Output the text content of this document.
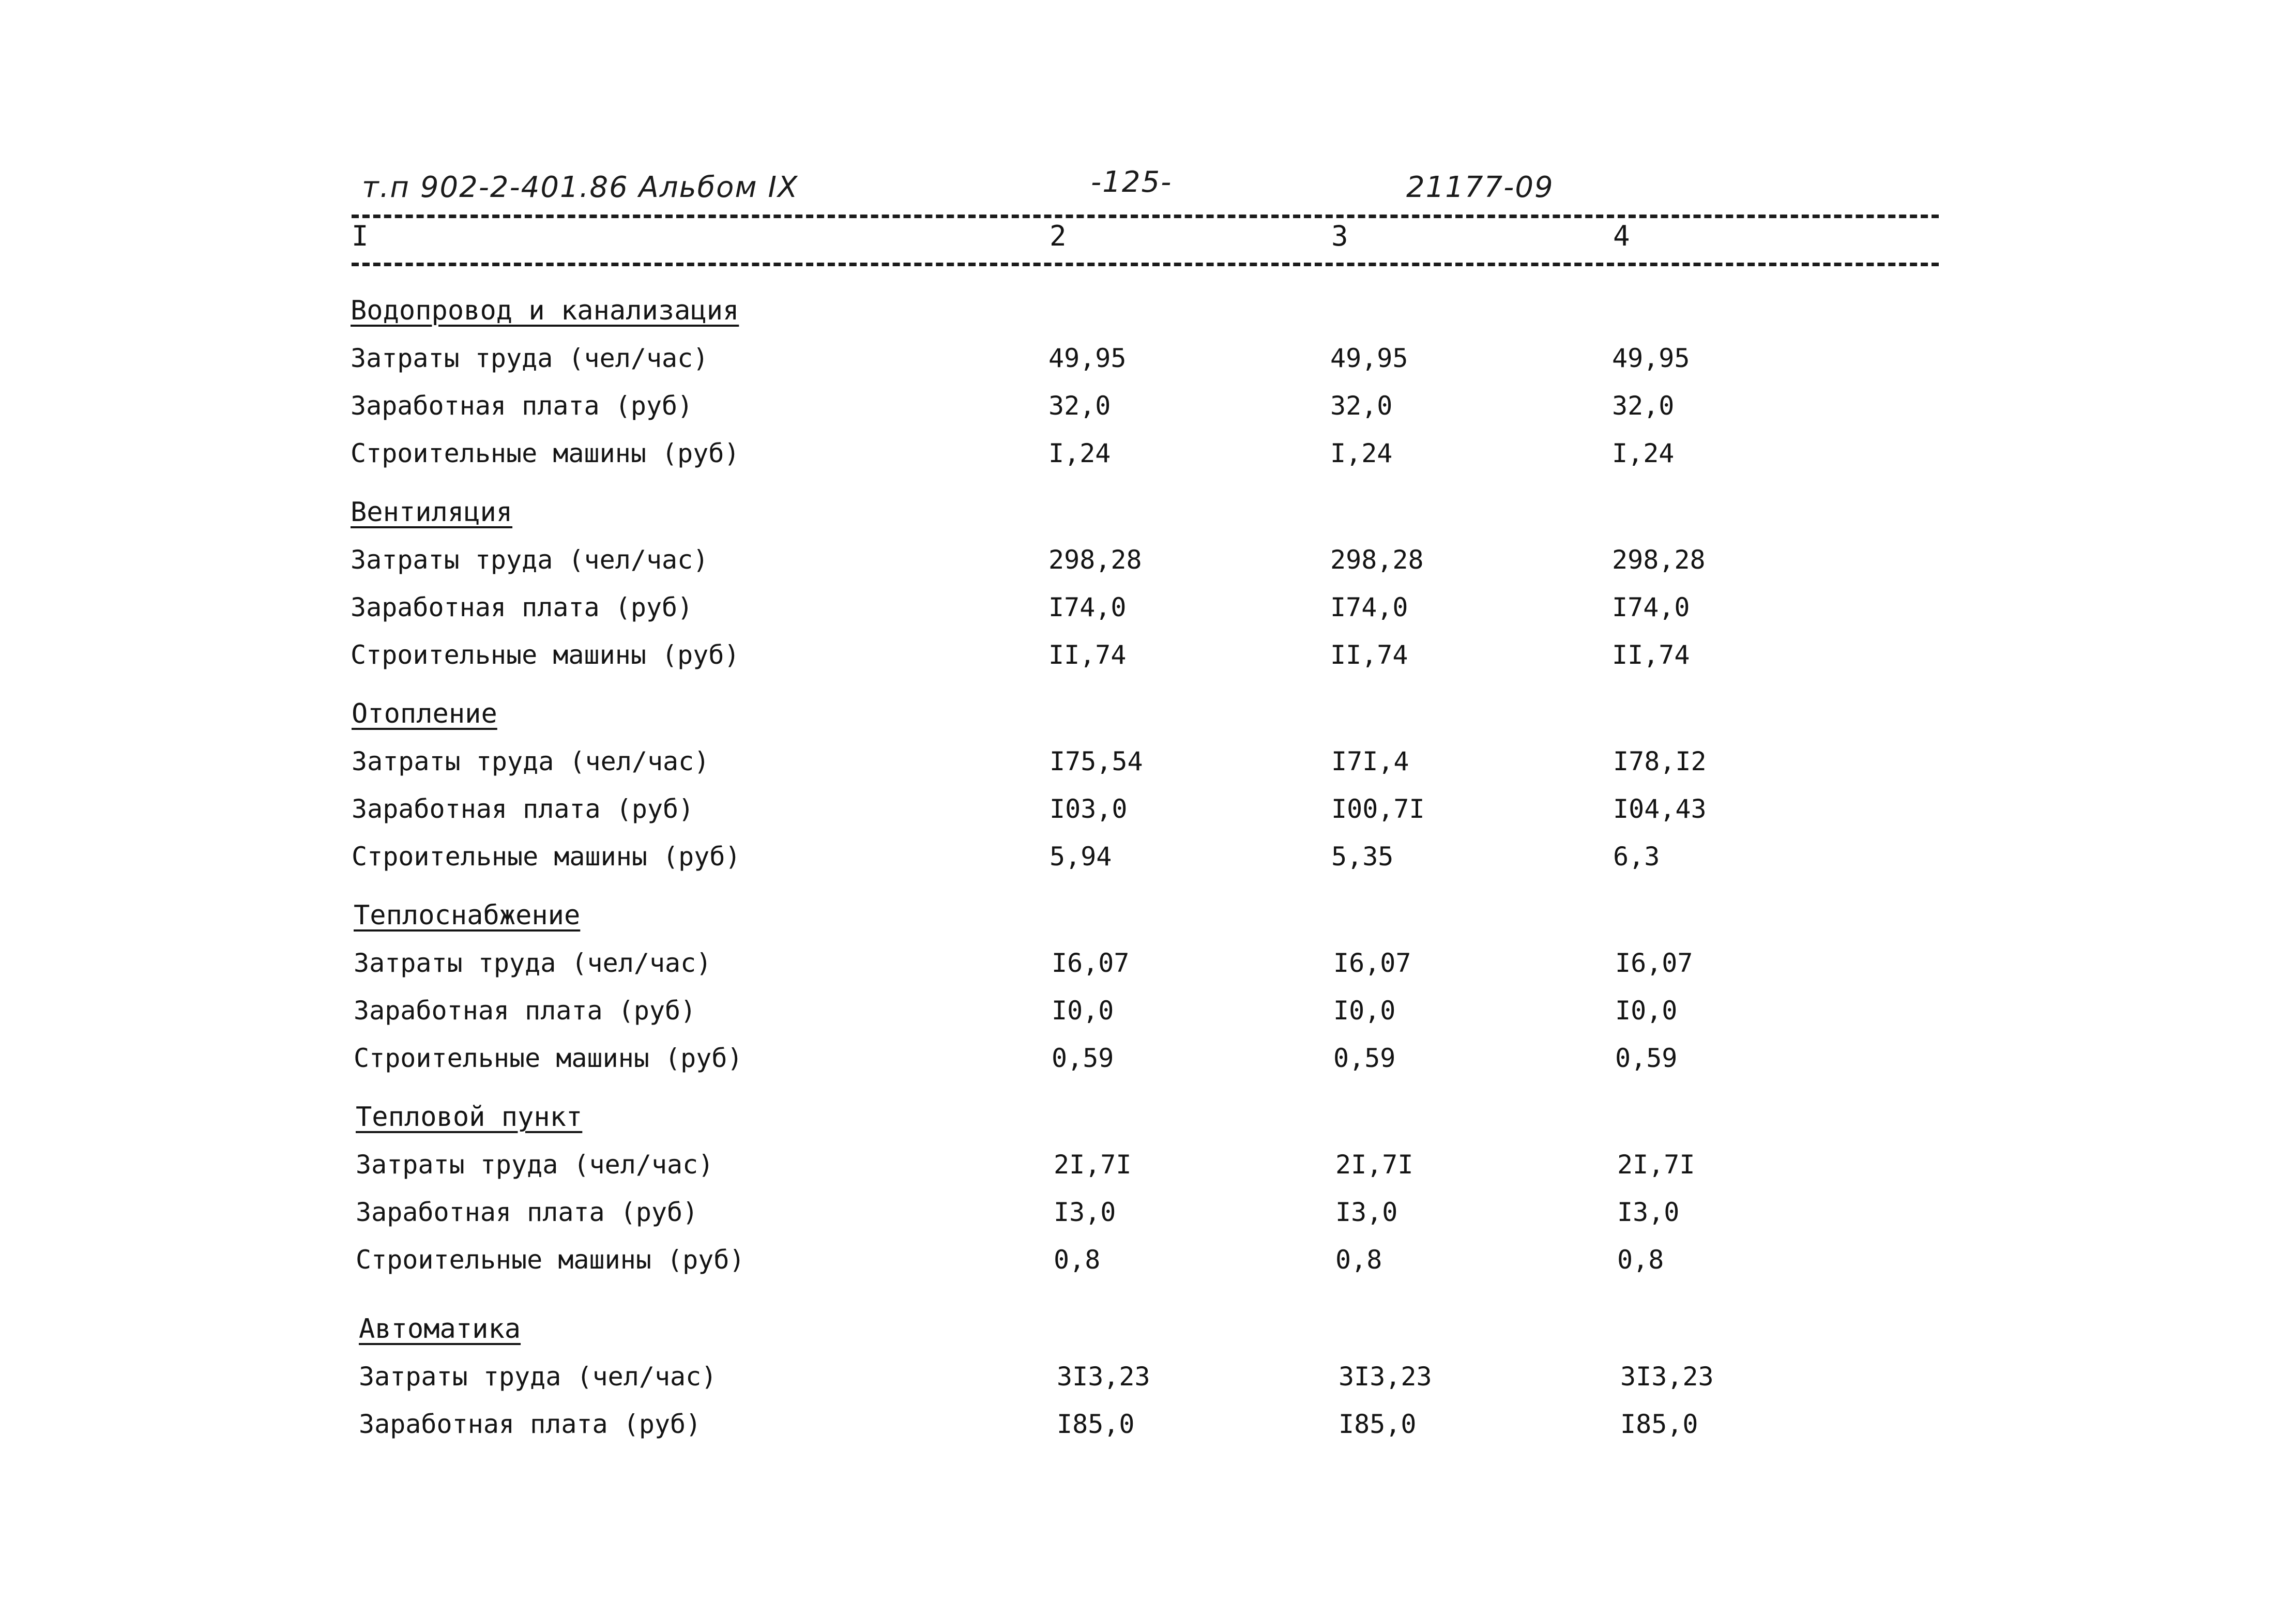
т.п 902-2-401.86 Альбом IX	-125-	21177-09
I	2	3	4
Водопровод и канализация
Затраты труда (чел/час)	49,95	49,95	49,95
Заработная плата (руб)	32,0	32,0	32,0
Строительные машины (руб)	I,24	I,24	I,24
Вентиляция
Затраты труда (чел/час)	298,28	298,28	298,28
Заработная плата (руб)	I74,0	I74,0	I74,0
Строительные машины (руб)	II,74	II,74	II,74
Отопление
Затраты труда (чел/час)	I75,54	I7I,4	I78,I2
Заработная плата (руб)	I03,0	I00,7I	I04,43
Строительные машины (руб)	5,94	5,35	6,3
Теплоснабжение
Затраты труда (чел/час)	I6,07	I6,07	I6,07
Заработная плата (руб)	I0,0	I0,0	I0,0
Строительные машины (руб)	0,59	0,59	0,59
Тепловой пункт
Затраты труда (чел/час)	2I,7I	2I,7I	2I,7I
Заработная плата (руб)	I3,0	I3,0	I3,0
Строительные машины (руб)	0,8	0,8	0,8
Автоматика
Затраты труда (чел/час)	3I3,23	3I3,23	3I3,23
Заработная плата (руб)	I85,0	I85,0	I85,0
